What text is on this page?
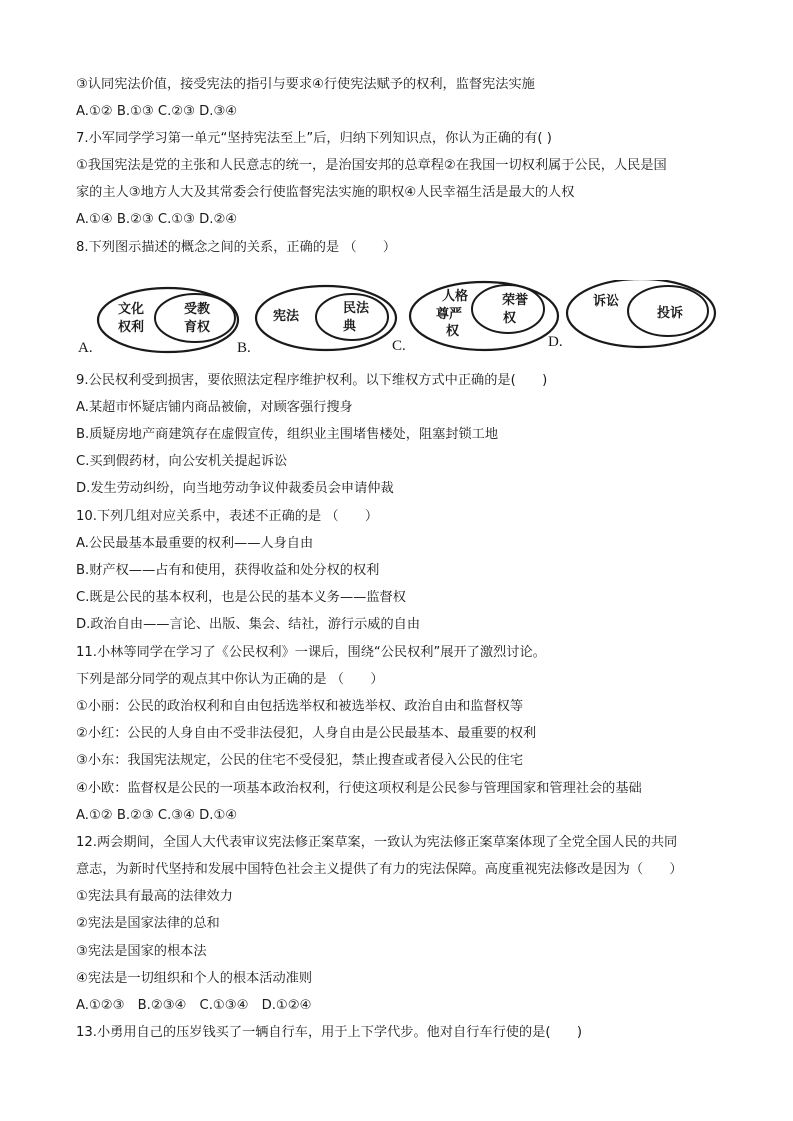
③认同宪法价值，接受宪法的指引与要求④行使宪法赋予的权利，监督宪法实施
A.①② B.①③ C.②③ D.③④
7.小军同学学习第一单元“坚持宪法至上”后，归纳下列知识点，你认为正确的有( )
①我国宪法是党的主张和人民意志的统一，是治国安邦的总章程②在我国一切权利属于公民，人民是国
家的主人③地方人大及其常委会行使监督宪法实施的职权④人民幸福生活是最大的人权
A.①④ B.②③ C.①③ D.②④
8.下列图示描述的概念之间的关系，正确的是 （　　）
文化
权利
受教
育权
A.
宪法
民法
典
B.
人格
尊严
权
荣誉
权
C.
诉讼
投诉
D.
9.公民权利受到损害，要依照法定程序维护权利。以下维权方式中正确的是(　　)
A.某超市怀疑店铺内商品被偷，对顾客强行搜身
B.质疑房地产商建筑存在虚假宣传，组织业主围堵售楼处，阻塞封锁工地
C.买到假药材，向公安机关提起诉讼
D.发生劳动纠纷，向当地劳动争议仲裁委员会申请仲裁
10.下列几组对应关系中，表述不正确的是 （　　）
A.公民最基本最重要的权利——人身自由
B.财产权——占有和使用，获得收益和处分权的权利
C.既是公民的基本权利，也是公民的基本义务——监督权
D.政治自由——言论、出版、集会、结社，游行示威的自由
11.小林等同学在学习了《公民权利》一课后，围绕“公民权利”展开了激烈讨论。
下列是部分同学的观点其中你认为正确的是 （　　）
①小丽：公民的政治权利和自由包括选举权和被选举权、政治自由和监督权等
②小红：公民的人身自由不受非法侵犯，人身自由是公民最基本、最重要的权利
③小东：我国宪法规定，公民的住宅不受侵犯，禁止搜查或者侵入公民的住宅
④小欧：监督权是公民的一项基本政治权利，行使这项权利是公民参与管理国家和管理社会的基础
A.①② B.②③ C.③④ D.①④
12.两会期间，全国人大代表审议宪法修正案草案，一致认为宪法修正案草案体现了全党全国人民的共同
意志，为新时代坚持和发展中国特色社会主义提供了有力的宪法保障。高度重视宪法修改是因为（　　）
①宪法具有最高的法律效力
②宪法是国家法律的总和
③宪法是国家的根本法
④宪法是一切组织和个人的根本活动准则
A.①②③　B.②③④　C.①③④　D.①②④
13.小勇用自己的压岁钱买了一辆自行车，用于上下学代步。他对自行车行使的是(　　)
